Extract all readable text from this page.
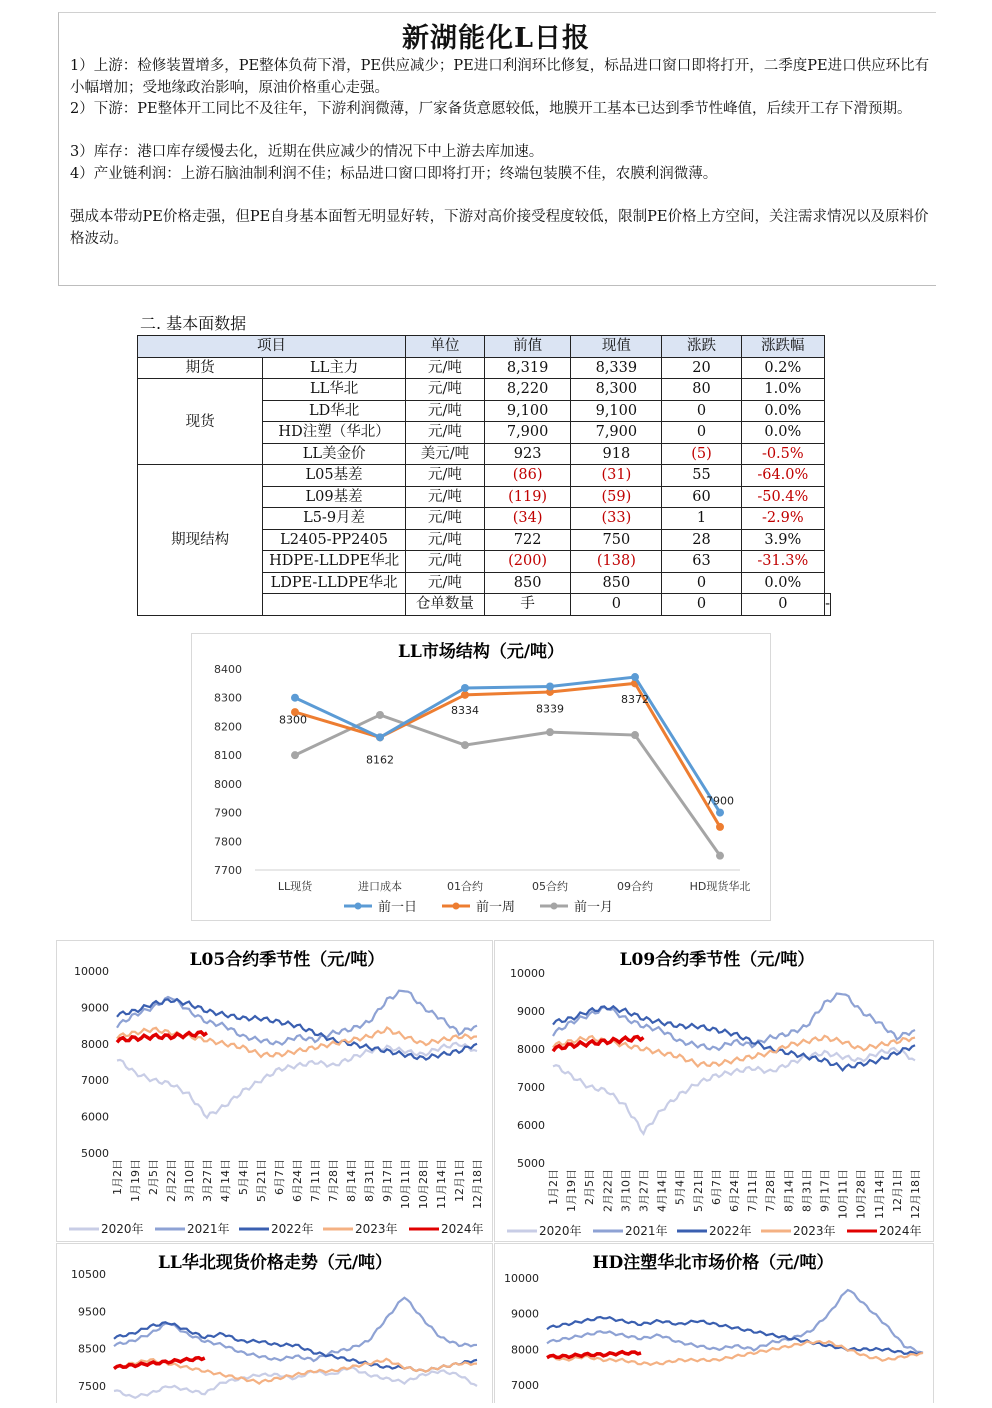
新湖能化L日报
1）上游：检修装置增多，PE整体负荷下滑，PE供应减少；PE进口利润环比修复，标品进口窗口即将打开，二季度PE进口供应环比有小幅增加；受地缘政治影响，原油价格重心走强。
2）下游：PE整体开工同比不及往年，下游利润微薄，厂家备货意愿较低，地膜开工基本已达到季节性峰值，后续开工存下滑预期。
3）库存：港口库存缓慢去化，近期在供应减少的情况下中上游去库加速。
4）产业链利润：上游石脑油制利润不佳；标品进口窗口即将打开；终端包装膜不佳，农膜利润微薄。
强成本带动PE价格走强，但PE自身基本面暂无明显好转，下游对高价接受程度较低，限制PE价格上方空间，关注需求情况以及原料价格波动。
二. 基本面数据
项目		单位	前值	现值	涨跌	涨跌幅	
期货	LL主力	元/吨	8,319	8,339	20	0.2%	
现货	LL华北	元/吨	8,220	8,300	80	1.0%	
	LD华北	元/吨	9,100	9,100	0	0.0%	
	HD注塑（华北）	元/吨	7,900	7,900	0	0.0%	
	LL美金价	美元/吨	923	918	(5)	-0.5%	
期现结构	L05基差	元/吨	(86)	(31)	55	-64.0%	
	L09基差	元/吨	(119)	(59)	60	-50.4%	
	L5-9月差	元/吨	(34)	(33)	1	-2.9%	
	L2405-PP2405	元/吨	722	750	28	3.9%	
	HDPE-LLDPE华北	元/吨	(200)	(138)	63	-31.3%	
	LDPE-LLDPE华北	元/吨	850	850	0	0.0%	
		仓单数量	手	0	0	0	-
LL市场结构（元/吨）
8400
8300
8200
8100
8000
7900
7800
7700
LL现货	进口成本	01合约	05合约	09合约	HD现货华北
8300
8162
8334	8339
8372
7900
前一日	前一周	前一月
L05合约季节性（元/吨）
10000
9000
8000
7000
6000
5000
1月2日 1月19日 2月5日 2月22日 3月10日 3月27日 4月14日 5月4日 5月21日 6月7日 6月24日 7月11日 7月28日 8月14日 8月31日 9月17日 10月11日 10月28日 11月14日 12月1日 12月18日
2020年	2021年	2022年	2023年	2024年
L09合约季节性（元/吨）
10000
9000
8000
7000
6000
5000
1月2日 1月19日 2月5日 2月22日 3月10日 3月27日 4月14日 5月4日 5月21日 6月7日 6月24日 7月11日 7月28日 8月14日 8月31日 9月17日 10月11日 10月28日 11月14日 12月1日 12月18日
2020年	2021年	2022年	2023年	2024年
LL华北现货价格走势（元/吨）
10500
9500
8500
7500
HD注塑华北市场价格（元/吨）
10000
9000
8000
7000
